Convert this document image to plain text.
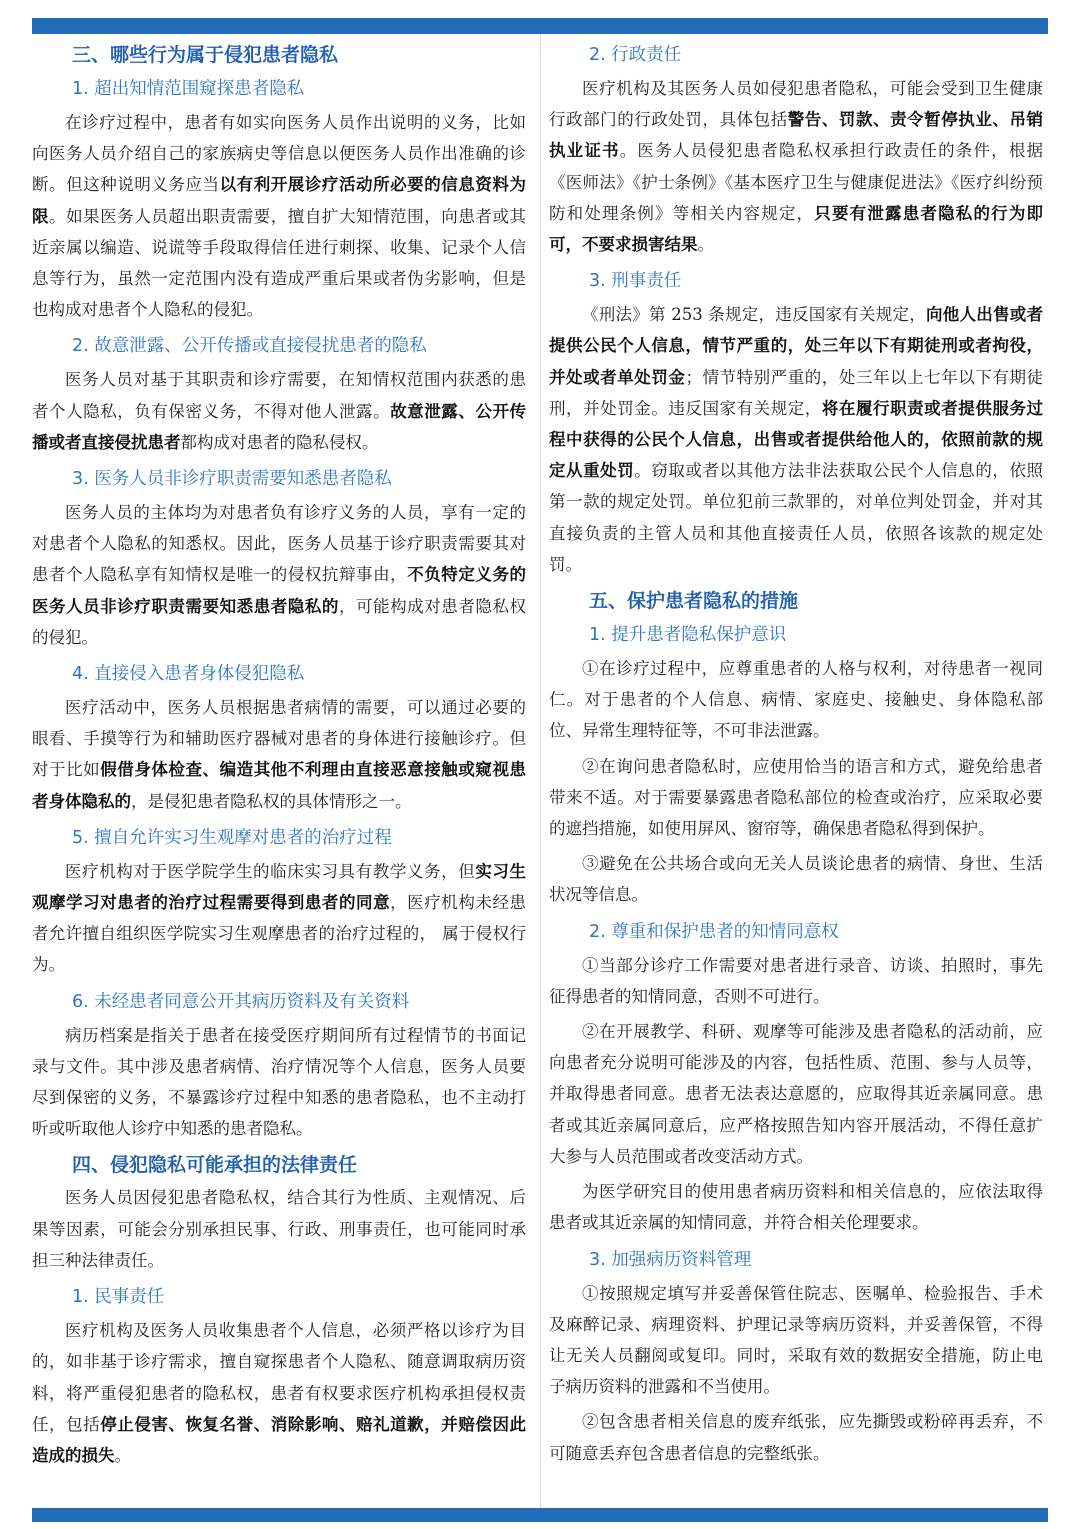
三、哪些行为属于侵犯患者隐私
1. 超出知情范围窥探患者隐私

在诊疗过程中，患者有如实向医务人员作出说明的义务，比如向医务人员介绍自己的家族病史等信息以便医务人员作出准确的诊断。但这种说明义务应当以有利开展诊疗活动所必要的信息资料为限。如果医务人员超出职责需要，擅自扩大知情范围，向患者或其近亲属以编造、说谎等手段取得信任进行刺探、收集、记录个人信息等行为，虽然一定范围内没有造成严重后果或者伪劣影响，但是也构成对患者个人隐私的侵犯。

2. 故意泄露、公开传播或直接侵扰患者的隐私

医务人员对基于其职责和诊疗需要，在知情权范围内获悉的患者个人隐私，负有保密义务，不得对他人泄露。故意泄露、公开传播或者直接侵扰患者都构成对患者的隐私侵权。

3. 医务人员非诊疗职责需要知悉患者隐私

医务人员的主体均为对患者负有诊疗义务的人员，享有一定的对患者个人隐私的知悉权。因此，医务人员基于诊疗职责需要其对患者个人隐私享有知情权是唯一的侵权抗辩事由，不负特定义务的医务人员非诊疗职责需要知悉患者隐私的，可能构成对患者隐私权的侵犯。

4. 直接侵入患者身体侵犯隐私

医疗活动中，医务人员根据患者病情的需要，可以通过必要的眼看、手摸等行为和辅助医疗器械对患者的身体进行接触诊疗。但对于比如假借身体检查、编造其他不利理由直接恶意接触或窥视患者身体隐私的，是侵犯患者隐私权的具体情形之一。

5. 擅自允许实习生观摩对患者的治疗过程

医疗机构对于医学院学生的临床实习具有教学义务，但实习生观摩学习对患者的治疗过程需要得到患者的同意，医疗机构未经患者允许擅自组织医学院实习生观摩患者的治疗过程的， 属于侵权行为。

6. 未经患者同意公开其病历资料及有关资料

病历档案是指关于患者在接受医疗期间所有过程情节的书面记录与文件。其中涉及患者病情、治疗情况等个人信息，医务人员要尽到保密的义务，不暴露诊疗过程中知悉的患者隐私，也不主动打听或听取他人诊疗中知悉的患者隐私。

四、侵犯隐私可能承担的法律责任

医务人员因侵犯患者隐私权，结合其行为性质、主观情况、后果等因素，可能会分别承担民事、行政、刑事责任，也可能同时承担三种法律责任。

1. 民事责任

医疗机构及医务人员收集患者个人信息，必须严格以诊疗为目的，如非基于诊疗需求，擅自窥探患者个人隐私、随意调取病历资料，将严重侵犯患者的隐私权，患者有权要求医疗机构承担侵权责任，包括停止侵害、恢复名誉、消除影响、赔礼道歉，并赔偿因此造成的损失。

2. 行政责任

医疗机构及其医务人员如侵犯患者隐私，可能会受到卫生健康行政部门的行政处罚，具体包括警告、罚款、责令暂停执业、吊销执业证书。医务人员侵犯患者隐私权承担行政责任的条件，根据《医师法》《护士条例》《基本医疗卫生与健康促进法》《医疗纠纷预防和处理条例》等相关内容规定，只要有泄露患者隐私的行为即可，不要求损害结果。

3. 刑事责任

《刑法》第 253 条规定，违反国家有关规定，向他人出售或者提供公民个人信息，情节严重的，处三年以下有期徒刑或者拘役，并处或者单处罚金；情节特别严重的，处三年以上七年以下有期徒刑，并处罚金。违反国家有关规定，将在履行职责或者提供服务过程中获得的公民个人信息，出售或者提供给他人的，依照前款的规定从重处罚。窃取或者以其他方法非法获取公民个人信息的，依照第一款的规定处罚。单位犯前三款罪的，对单位判处罚金，并对其直接负责的主管人员和其他直接责任人员，依照各该款的规定处罚。

五、保护患者隐私的措施
1. 提升患者隐私保护意识

①在诊疗过程中，应尊重患者的人格与权利，对待患者一视同仁。对于患者的个人信息、病情、家庭史、接触史、身体隐私部位、异常生理特征等，不可非法泄露。

②在询问患者隐私时，应使用恰当的语言和方式，避免给患者带来不适。对于需要暴露患者隐私部位的检查或治疗，应采取必要的遮挡措施，如使用屏风、窗帘等，确保患者隐私得到保护。

③避免在公共场合或向无关人员谈论患者的病情、身世、生活状况等信息。

2. 尊重和保护患者的知情同意权

①当部分诊疗工作需要对患者进行录音、访谈、拍照时，事先征得患者的知情同意，否则不可进行。

②在开展教学、科研、观摩等可能涉及患者隐私的活动前，应向患者充分说明可能涉及的内容，包括性质、范围、参与人员等，并取得患者同意。患者无法表达意愿的，应取得其近亲属同意。患者或其近亲属同意后，应严格按照告知内容开展活动，不得任意扩大参与人员范围或者改变活动方式。

为医学研究目的使用患者病历资料和相关信息的，应依法取得患者或其近亲属的知情同意，并符合相关伦理要求。

3. 加强病历资料管理

①按照规定填写并妥善保管住院志、医嘱单、检验报告、手术及麻醉记录、病理资料、护理记录等病历资料，并妥善保管，不得让无关人员翻阅或复印。同时，采取有效的数据安全措施，防止电子病历资料的泄露和不当使用。

②包含患者相关信息的废弃纸张，应先撕毁或粉碎再丢弃，不可随意丢弃包含患者信息的完整纸张。
